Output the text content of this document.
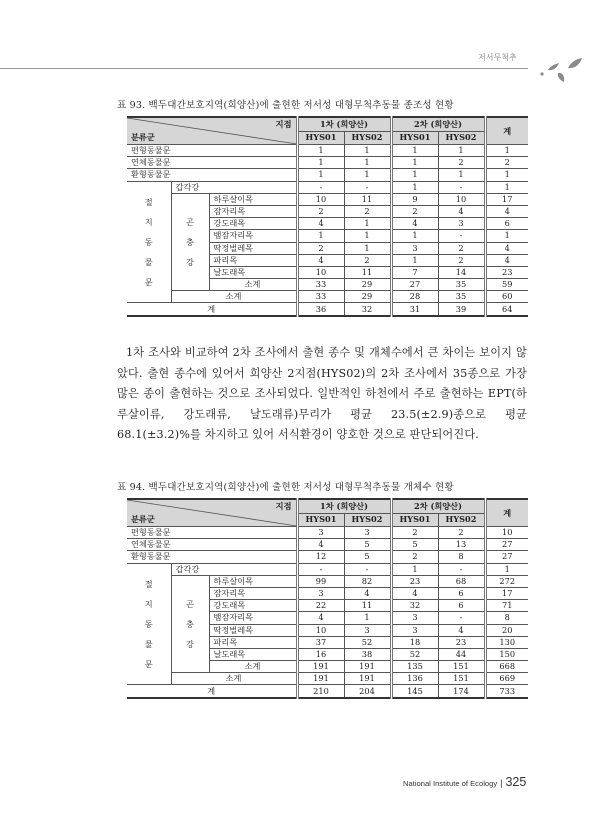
저서무척추
표 93. 백두대간보호지역(희양산)에 출현한 저서성 대형무척추동물 종조성 현황
지점
분류군			1차 (희양산)		2차 (희양산)		계
			HYS01	HYS02	HYS01	HYS02	
편형동물문			1	1	1	1	1
연체동물문			1	1	1	2	2
환형동물문			1	1	1	1	1

절
지
동
물
문	갑각강		-	-	1	-	1

	곤
충
강	하루살이목	10	11	9	10	17
		잠자리목	2	2	2	4	4
		강도래목	4	1	4	3	6
		뱀잠자리목	1	1	1	-	1
		딱정벌레목	2	1	3	2	4
		파리목	4	2	1	2	4
		날도래목	10	11	7	14	23
		소계	33	29	27	35	59
	소계		33	29	28	35	60
계			36	32	31	39	64
1차 조사와 비교하여 2차 조사에서 출현 종수 및 개체수에서 큰 차이는 보이지 않았다. 출현 종수에 있어서 희양산 2지점(HYS02)의 2차 조사에서 35종으로 가장 많은 종이 출현하는 것으로 조사되었다. 일반적인 하천에서 주로 출현하는 EPT(하루살이류, 강도래류, 날도래류)무리가 평균 23.5(±2.9)종으로 평균 68.1(±3.2)%를 차지하고 있어 서식환경이 양호한 것으로 판단되어진다.
표 94. 백두대간보호지역(희양산)에 출현한 저서성 대형무척추동물 개체수 현황
지점
분류군			1차 (희양산)		2차 (희양산)		계
			HYS01	HYS02	HYS01	HYS02	
편형동물문			3	3	2	2	10
연체동물문			4	5	5	13	27
환형동물문			12	5	2	8	27

절
지
동
물
문	갑각강		-	-	1	-	1

	곤
충
강	하루살이목	99	82	23	68	272
		잠자리목	3	4	4	6	17
		강도래목	22	11	32	6	71
		뱀잠자리목	4	1	3	-	8
		딱정벌레목	10	3	3	4	20
		파리목	37	52	18	23	130
		날도래목	16	38	52	44	150
		소계	191	191	135	151	668
	소계		191	191	136	151	669
계			210	204	145	174	733
National Institute of Ecology | 325
